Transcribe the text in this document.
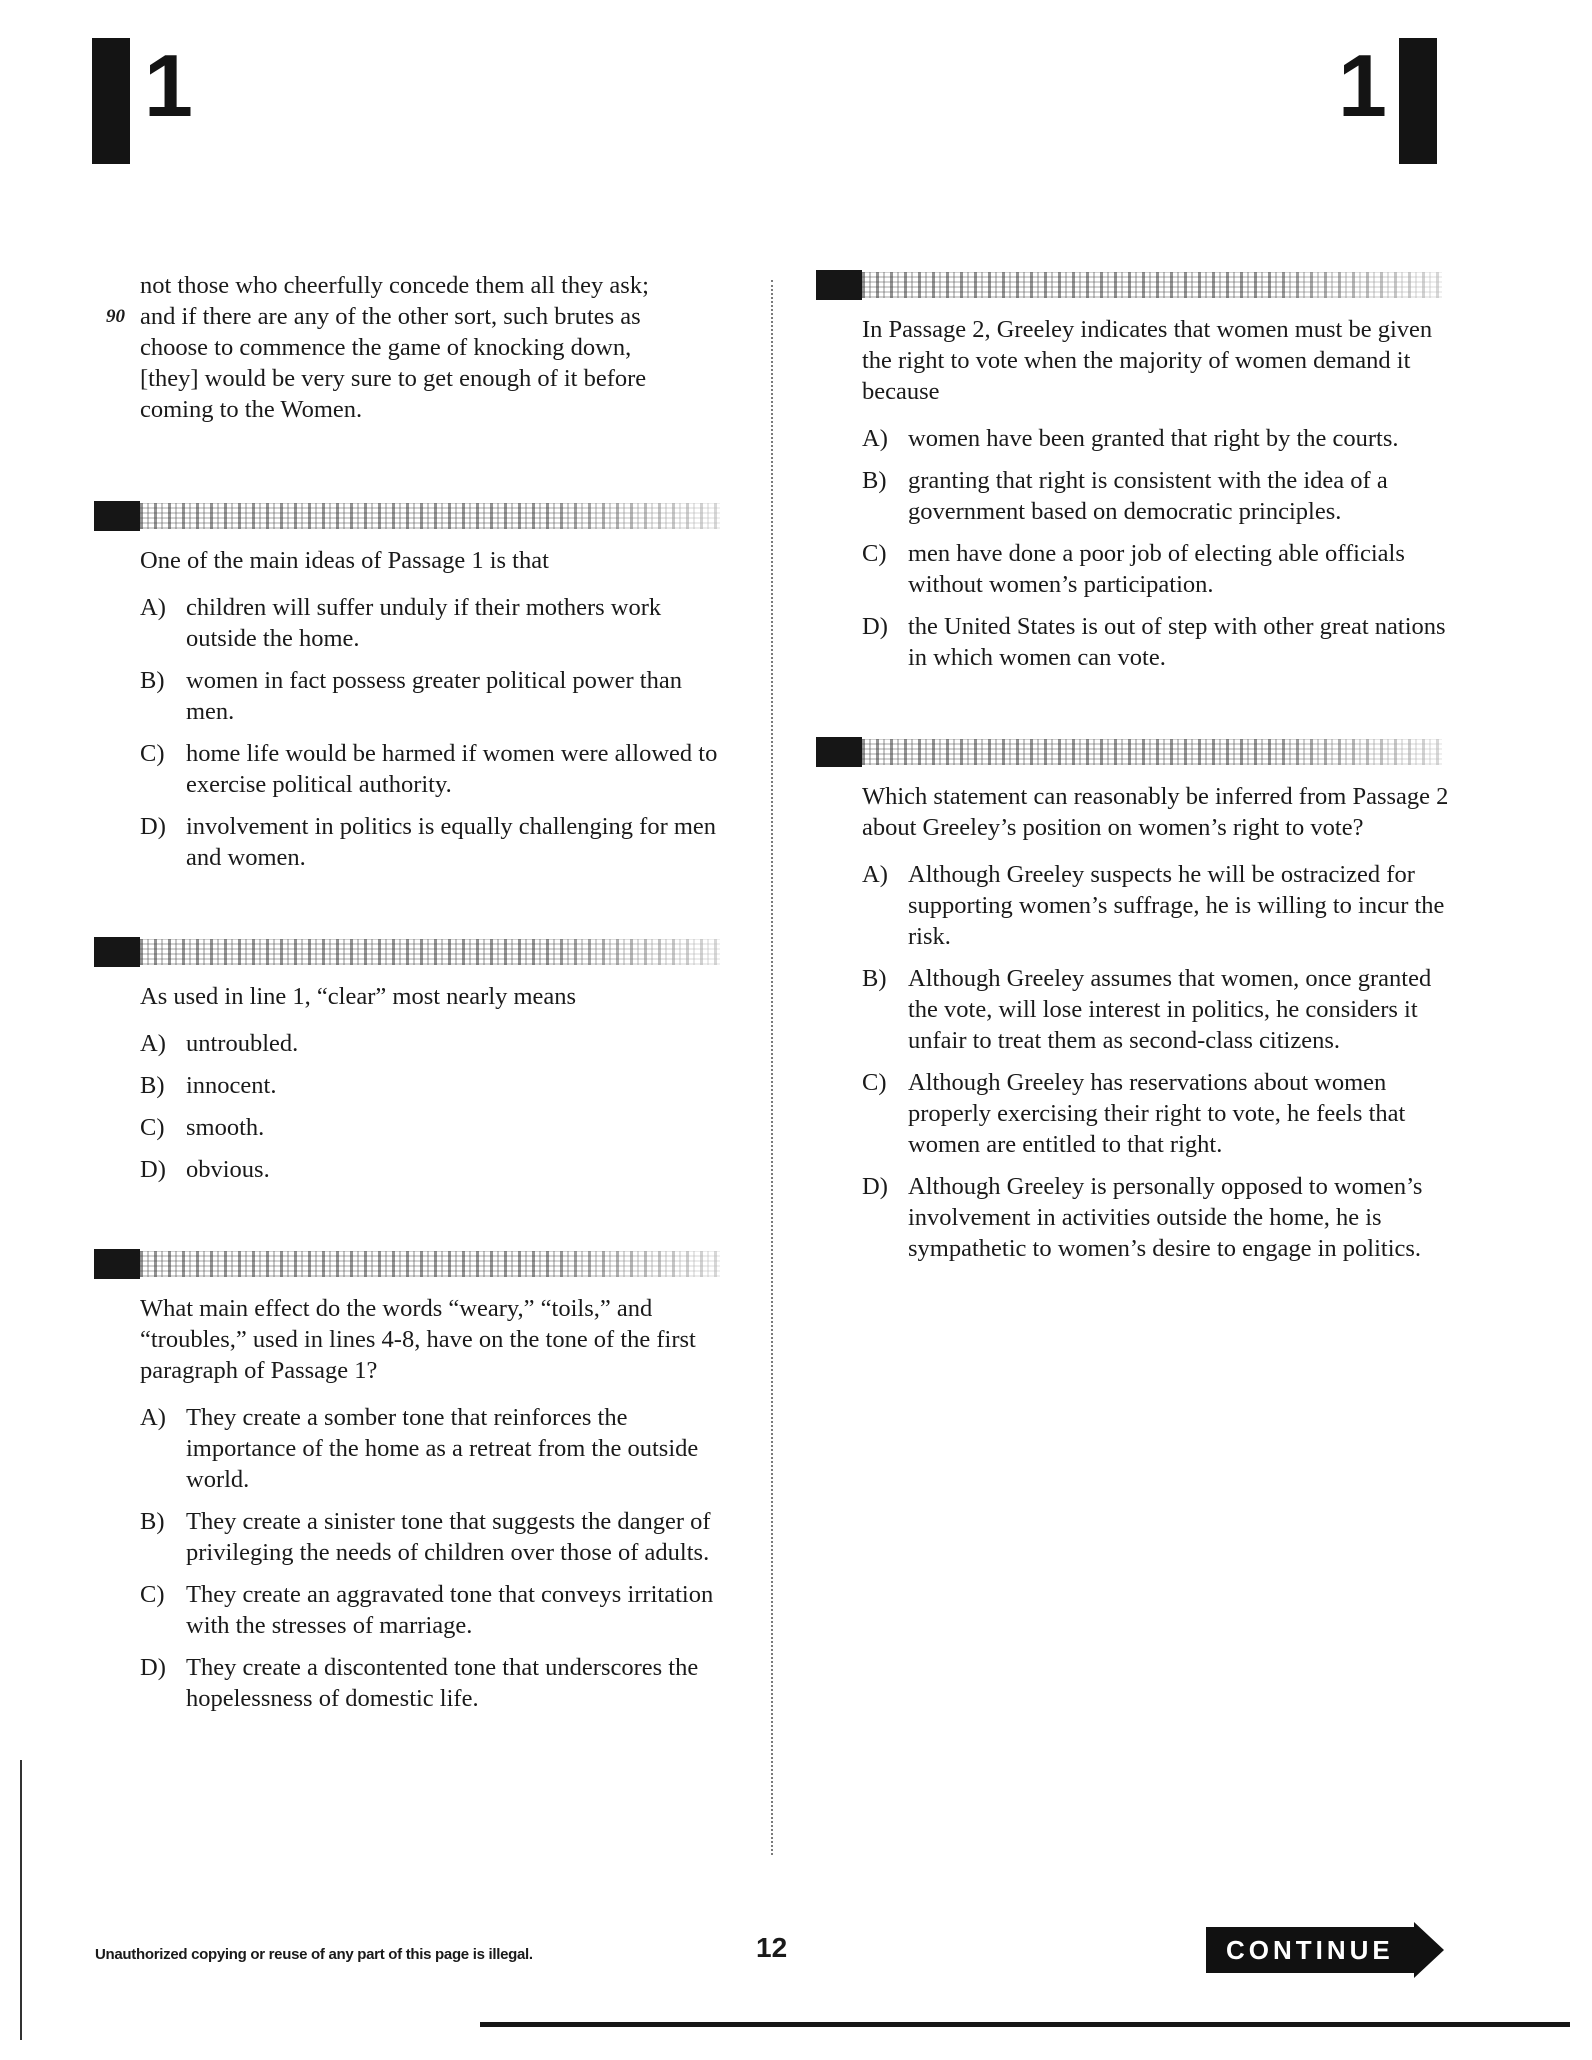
1	1
90
not those who cheerfully concede them all they ask;
and if there are any of the other sort, such brutes as
choose to commence the game of knocking down,
[they] would be very sure to get enough of it before
coming to the Women.

One of the main ideas of Passage 1 is that

A) children will suffer unduly if their mothers work outside the home.
B) women in fact possess greater political power than men.
C) home life would be harmed if women were allowed to exercise political authority.
D) involvement in politics is equally challenging for men and women.

As used in line 1, “clear” most nearly means

A) untroubled.
B) innocent.
C) smooth.
D) obvious.

What main effect do the words “weary,” “toils,” and “troubles,” used in lines 4-8, have on the tone of the first paragraph of Passage 1?

A) They create a somber tone that reinforces the importance of the home as a retreat from the outside world.
B) They create a sinister tone that suggests the danger of privileging the needs of children over those of adults.
C) They create an aggravated tone that conveys irritation with the stresses of marriage.
D) They create a discontented tone that underscores the hopelessness of domestic life.

In Passage 2, Greeley indicates that women must be given the right to vote when the majority of women demand it because

A) women have been granted that right by the courts.
B) granting that right is consistent with the idea of a government based on democratic principles.
C) men have done a poor job of electing able officials without women’s participation.
D) the United States is out of step with other great nations in which women can vote.

Which statement can reasonably be inferred from Passage 2 about Greeley’s position on women’s right to vote?

A) Although Greeley suspects he will be ostracized for supporting women’s suffrage, he is willing to incur the risk.
B) Although Greeley assumes that women, once granted the vote, will lose interest in politics, he considers it unfair to treat them as second-class citizens.
C) Although Greeley has reservations about women properly exercising their right to vote, he feels that women are entitled to that right.
D) Although Greeley is personally opposed to women’s involvement in activities outside the home, he is sympathetic to women’s desire to engage in politics.
Unauthorized copying or reuse of any part of this page is illegal.	12	CONTINUE
